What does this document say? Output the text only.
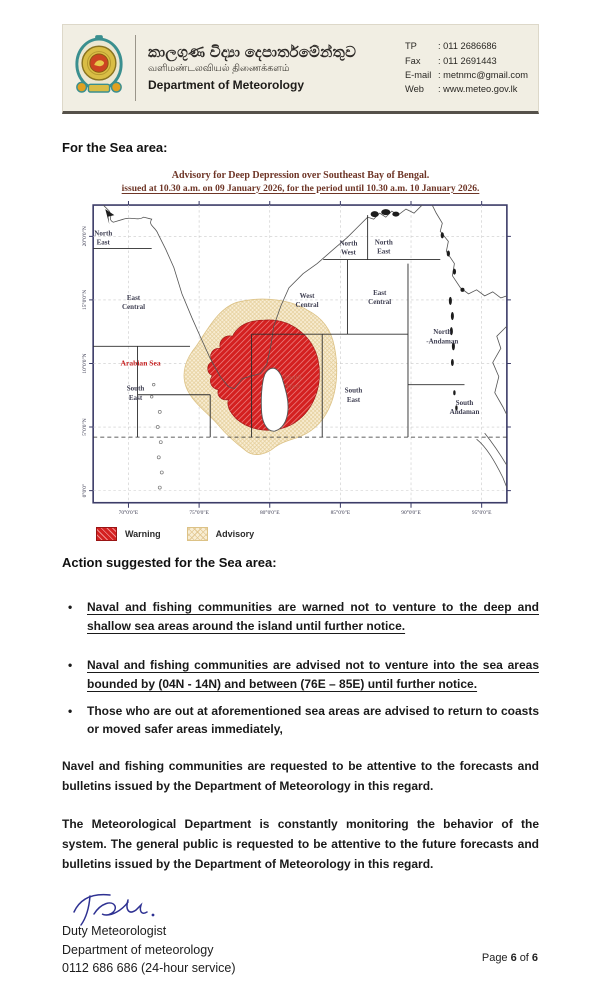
කාලගුණ විද්‍යා දෙපාර්තමේන්තුව
வளிமண்டலவியல் திணைக்களம்
Department of Meteorology
TP	: 011 2686686
Fax	: 011 2691443
E-mail : metnmc@gmail.com
Web	: www.meteo.gov.lk
For the Sea area:
Advisory for Deep Depression over Southeast Bay of Bengal.
issued at 10.30 a.m. on 09 January 2026, for the period until 10.30 a.m. 10 January 2026.
North
East
East
Central
Arabian Sea
South
East
North
West
North
East
West
Central
East
Central
North
-Andaman
South
East	South
Andaman
South
West
70°0'0"E	75°0'0"E	80°0'0"E	85°0'0"E	90°0'0"E	95°0'0"E
20°0'0"N
15°0'0"N
10°0'0"N
5°0'0"N
0°0'0"
Warning	Advisory
Action suggested for the Sea area:
• Naval and fishing communities are warned not to venture to the deep and shallow sea areas around the island until further notice.
• Naval and fishing communities are advised not to venture into the sea areas bounded by (04N - 14N) and between (76E – 85E) until further notice.
• Those who are out at aforementioned sea areas are advised to return to coasts or moved safer areas immediately,

Navel and fishing communities are requested to be attentive to the forecasts and bulletins issued by the Department of Meteorology in this regard.

The Meteorological Department is constantly monitoring the behavior of the system. The general public is requested to be attentive to the future forecasts and bulletins issued by the Department of Meteorology in this regard.

Duty Meteorologist
Department of meteorology
0112 686 686 (24-hour service)
Page 6 of 6
